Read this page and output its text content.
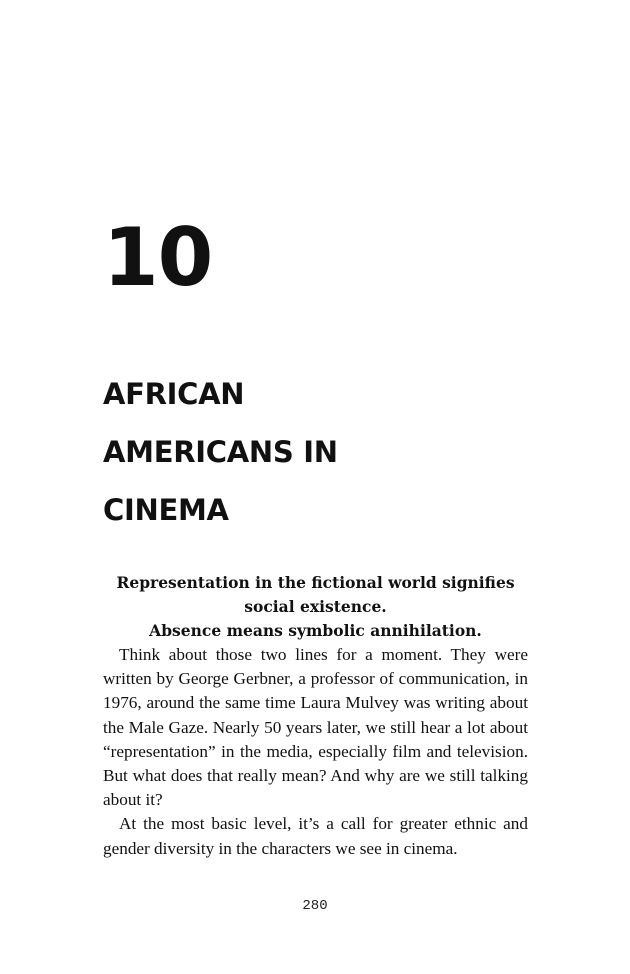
10
AFRICAN
AMERICANS IN
CINEMA
Representation in the fictional world signifies social existence.
Absence means symbolic annihilation.

Think about those two lines for a moment. They were written by George Gerbner, a professor of communication, in 1976, around the same time Laura Mulvey was writing about the Male Gaze. Nearly 50 years later, we still hear a lot about “representation” in the media, especially film and television. But what does that really mean? And why are we still talking about it?

At the most basic level, it’s a call for greater ethnic and gender diversity in the characters we see in cinema.

280
